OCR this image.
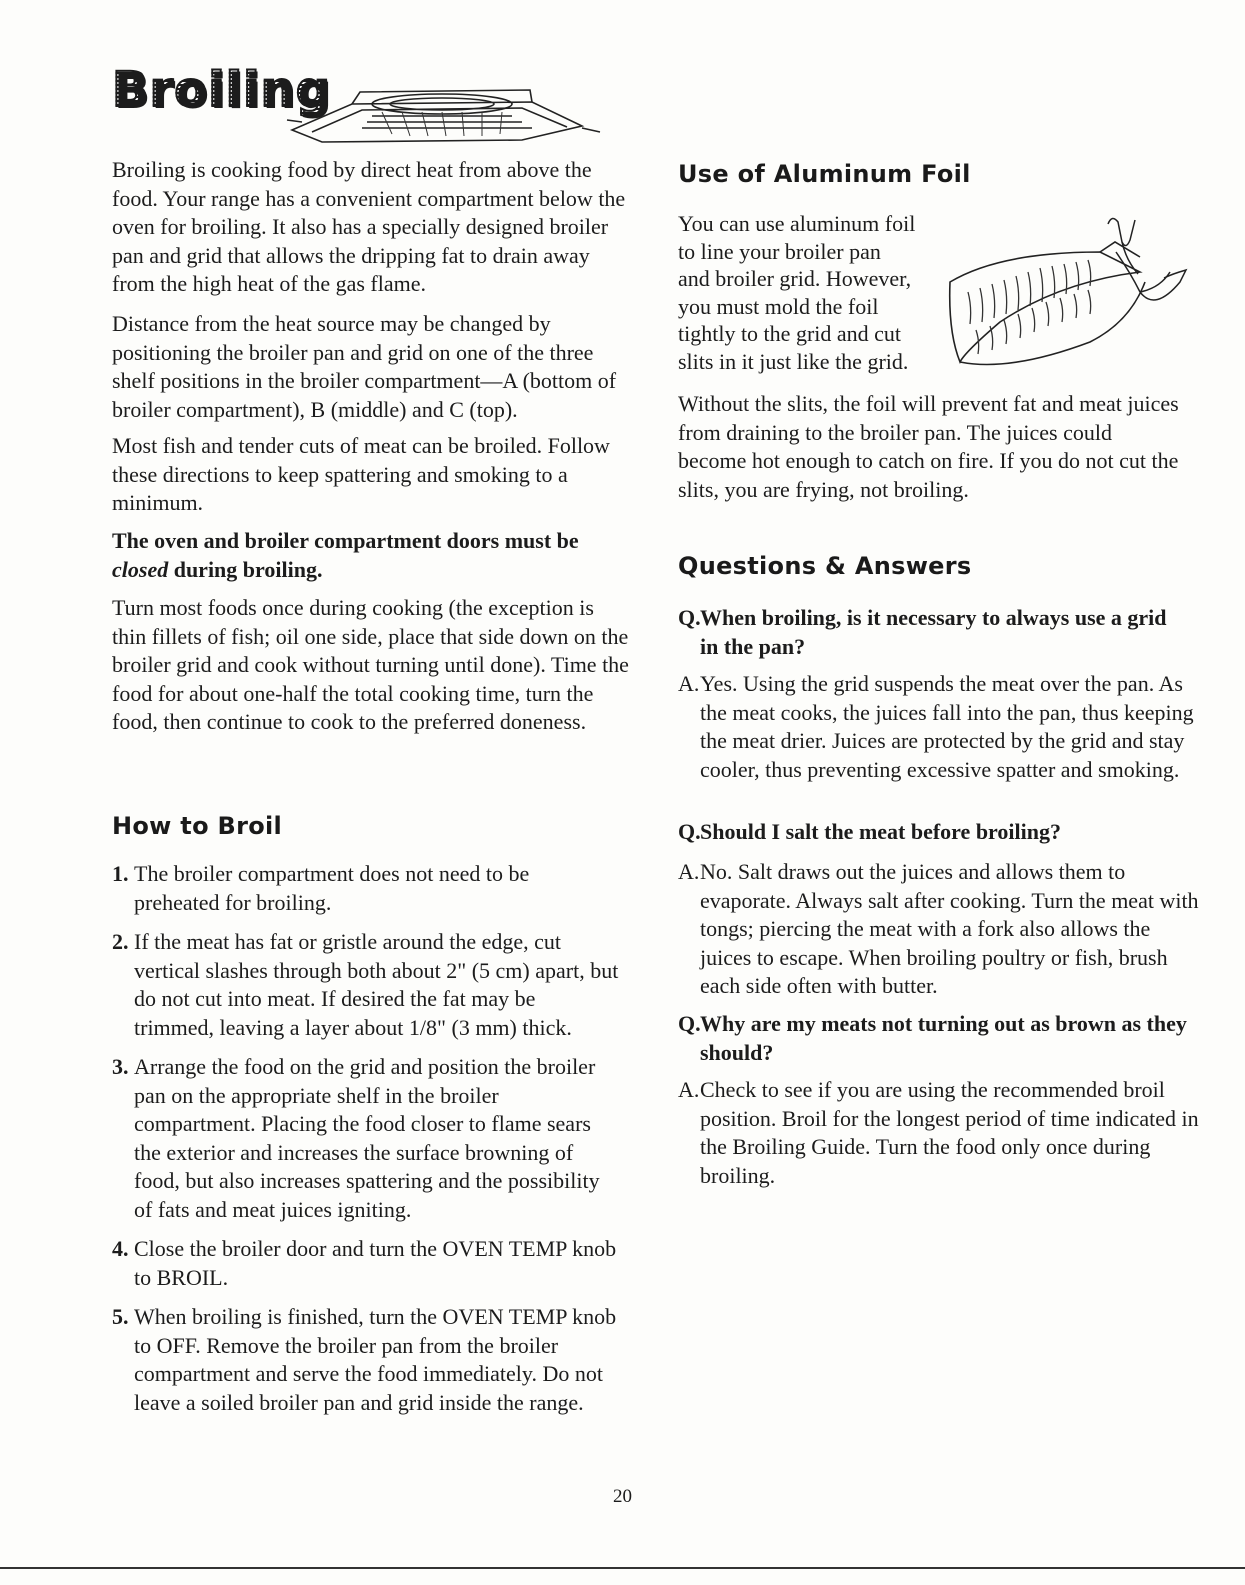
Broiling

Broiling is cooking food by direct heat from above the food. Your range has a convenient compartment below the oven for broiling. It also has a specially designed broiler pan and grid that allows the dripping fat to drain away from the high heat of the gas flame.

Distance from the heat source may be changed by positioning the broiler pan and grid on one of the three shelf positions in the broiler compartment—A (bottom of broiler compartment), B (middle) and C (top).

Most fish and tender cuts of meat can be broiled. Follow these directions to keep spattering and smoking to a minimum.

The oven and broiler compartment doors must be closed during broiling.

Turn most foods once during cooking (the exception is thin fillets of fish; oil one side, place that side down on the broiler grid and cook without turning until done). Time the food for about one-half the total cooking time, turn the food, then continue to cook to the preferred doneness.

How to Broil
1. The broiler compartment does not need to be preheated for broiling.
2. If the meat has fat or gristle around the edge, cut vertical slashes through both about 2" (5 cm) apart, but do not cut into meat. If desired the fat may be trimmed, leaving a layer about 1/8" (3 mm) thick.
3. Arrange the food on the grid and position the broiler pan on the appropriate shelf in the broiler compartment. Placing the food closer to flame sears the exterior and increases the surface browning of food, but also increases spattering and the possibility of fats and meat juices igniting.
4. Close the broiler door and turn the OVEN TEMP knob to BROIL.
5. When broiling is finished, turn the OVEN TEMP knob to OFF. Remove the broiler pan from the broiler compartment and serve the food immediately. Do not leave a soiled broiler pan and grid inside the range.
Use of Aluminum Foil
You can use aluminum foil
to line your broiler pan
and broiler grid. However,
you must mold the foil
tightly to the grid and cut
slits in it just like the grid.

Without the slits, the foil will prevent fat and meat juices from draining to the broiler pan. The juices could become hot enough to catch on fire. If you do not cut the slits, you are frying, not broiling.

Questions & Answers
Q. When broiling, is it necessary to always use a grid in the pan?
A. Yes. Using the grid suspends the meat over the pan. As the meat cooks, the juices fall into the pan, thus keeping the meat drier. Juices are protected by the grid and stay cooler, thus preventing excessive spatter and smoking.
Q. Should I salt the meat before broiling?
A. No. Salt draws out the juices and allows them to evaporate. Always salt after cooking. Turn the meat with tongs; piercing the meat with a fork also allows the juices to escape. When broiling poultry or fish, brush each side often with butter.
Q. Why are my meats not turning out as brown as they should?
A. Check to see if you are using the recommended broil position. Broil for the longest period of time indicated in the Broiling Guide. Turn the food only once during broiling.
20
